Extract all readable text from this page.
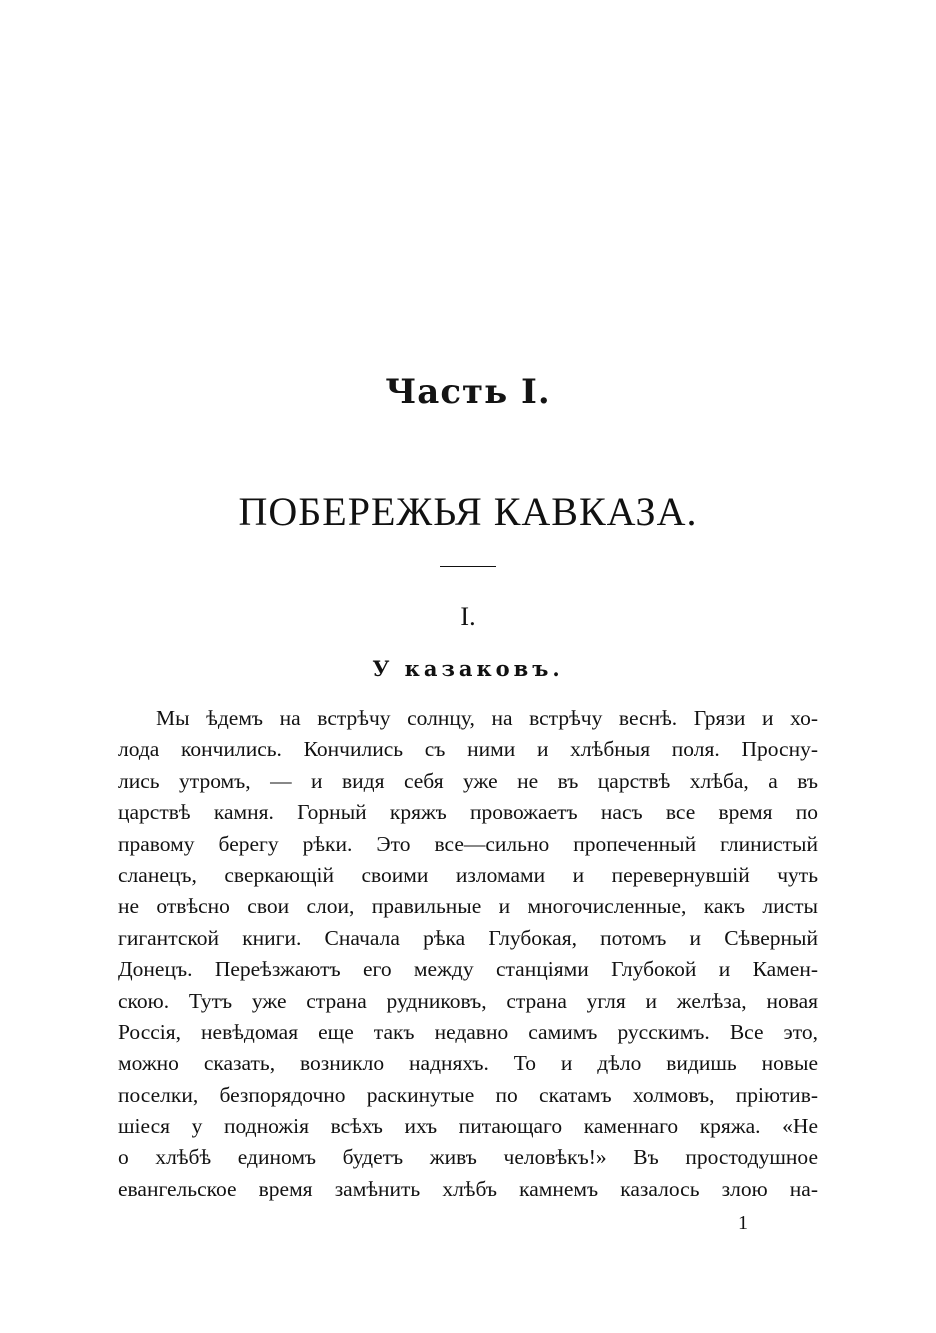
Часть I.
ПОБЕРЕЖЬЯ КАВКАЗА.
I.
У казаковъ.
Мы ѣдемъ на встрѣчу солнцу, на встрѣчу веснѣ. Грязи и хо-
лода кончились. Кончились съ ними и хлѣбныя поля. Просну-
лись утромъ, — и видя себя уже не въ царствѣ хлѣба, а въ
царствѣ камня. Горный кряжъ провожаетъ насъ все время по
правому берегу рѣки. Это все—сильно пропеченный глинистый
сланецъ, сверкающій своими изломами и перевернувшій чуть
не отвѣсно свои слои, правильные и многочисленные, какъ листы
гигантской книги. Сначала рѣка Глубокая, потомъ и Сѣверный
Донецъ. Переѣзжаютъ его между станціями Глубокой и Камен-
скою. Тутъ уже страна рудниковъ, страна угля и желѣза, новая
Россія, невѣдомая еще такъ недавно самимъ русскимъ. Все это,
можно сказать, возникло надняхъ. То и дѣло видишь новые
поселки, безпорядочно раскинутые по скатамъ холмовъ, пріютив-
шіеся у подножія всѣхъ ихъ питающаго каменнаго кряжа. «Не
о хлѣбѣ единомъ будетъ живъ человѣкъ!» Въ простодушное
евангельское время замѣнить хлѣбъ камнемъ казалось злою на-
1
